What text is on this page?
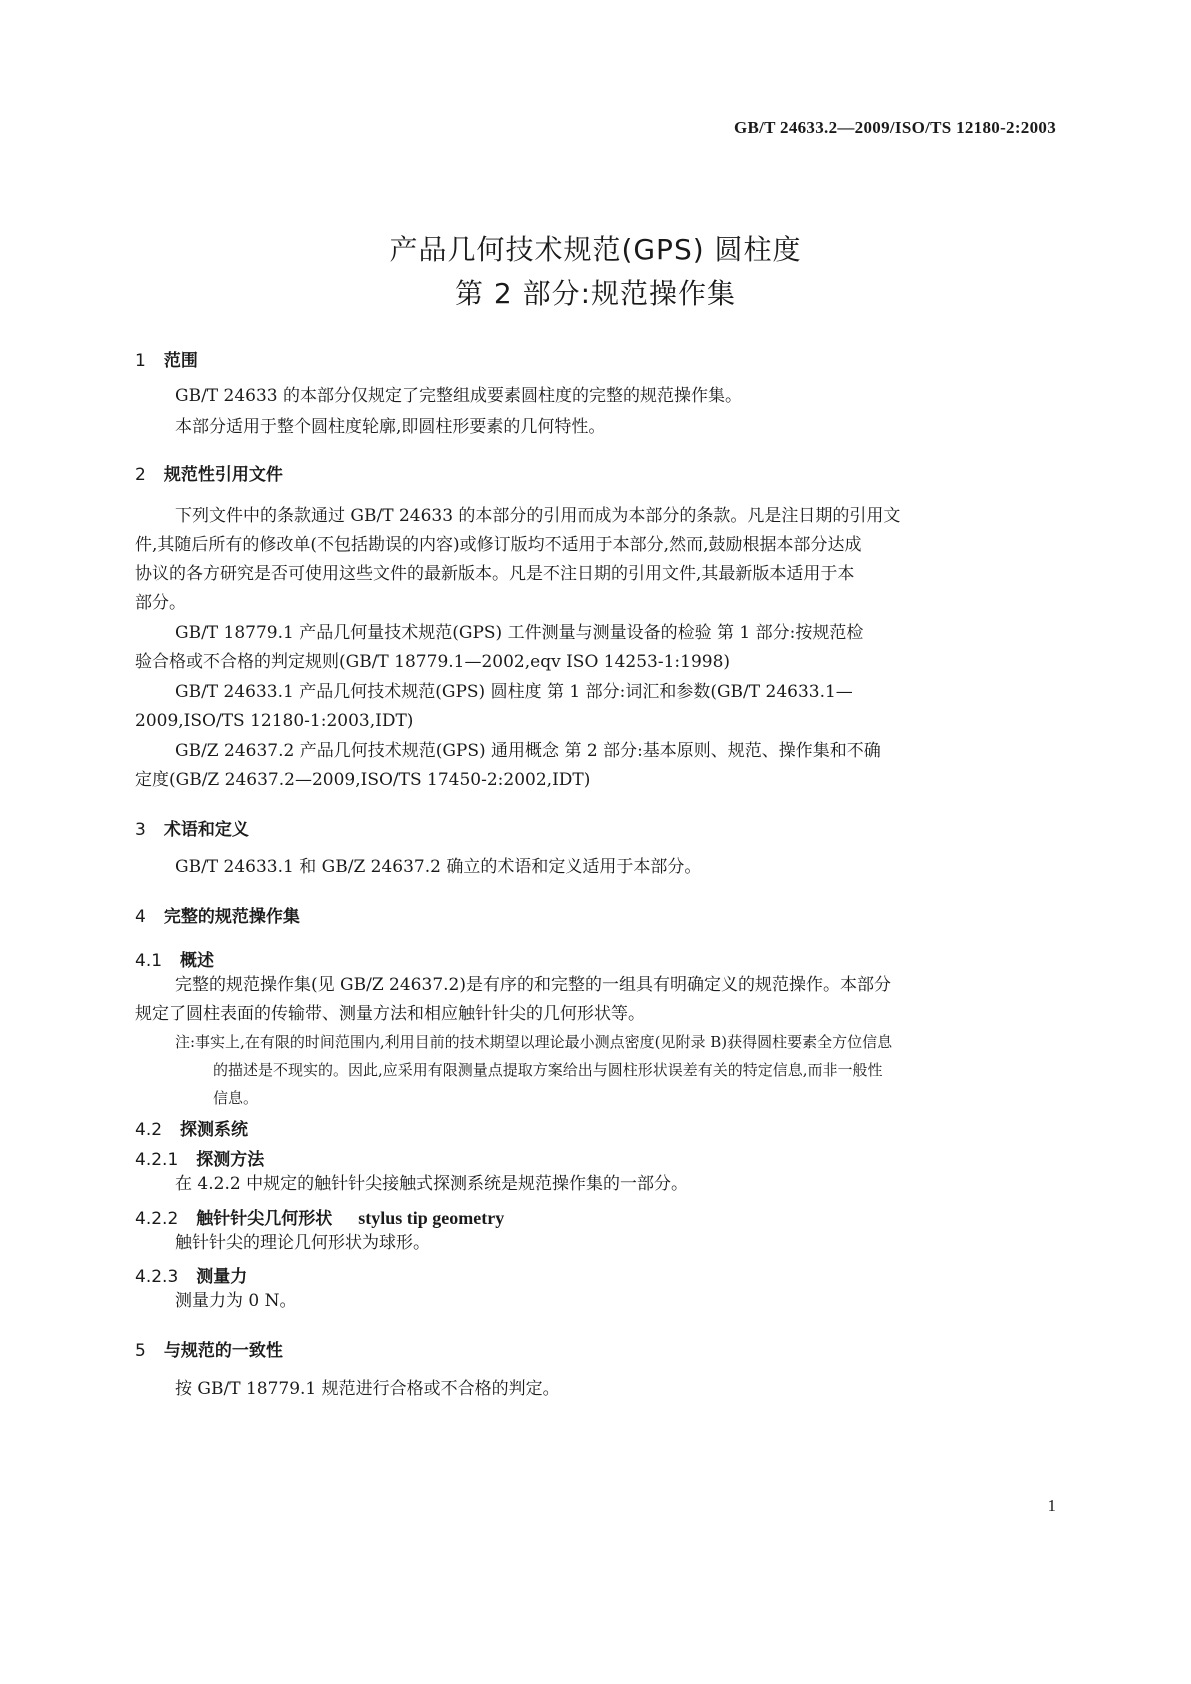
GB/T 24633.2—2009/ISO/TS 12180-2:2003
产品几何技术规范(GPS) 圆柱度
第 2 部分:规范操作集
1 范围
GB/T 24633 的本部分仅规定了完整组成要素圆柱度的完整的规范操作集。
本部分适用于整个圆柱度轮廓,即圆柱形要素的几何特性。
2 规范性引用文件
下列文件中的条款通过 GB/T 24633 的本部分的引用而成为本部分的条款。凡是注日期的引用文
件,其随后所有的修改单(不包括勘误的内容)或修订版均不适用于本部分,然而,鼓励根据本部分达成
协议的各方研究是否可使用这些文件的最新版本。凡是不注日期的引用文件,其最新版本适用于本
部分。
GB/T 18779.1 产品几何量技术规范(GPS) 工件测量与测量设备的检验 第 1 部分:按规范检
验合格或不合格的判定规则(GB/T 18779.1—2002,eqv ISO 14253-1:1998)
GB/T 24633.1 产品几何技术规范(GPS) 圆柱度 第 1 部分:词汇和参数(GB/T 24633.1—
2009,ISO/TS 12180-1:2003,IDT)
GB/Z 24637.2 产品几何技术规范(GPS) 通用概念 第 2 部分:基本原则、规范、操作集和不确
定度(GB/Z 24637.2—2009,ISO/TS 17450-2:2002,IDT)
3 术语和定义
GB/T 24633.1 和 GB/Z 24637.2 确立的术语和定义适用于本部分。
4 完整的规范操作集
4.1 概述
完整的规范操作集(见 GB/Z 24637.2)是有序的和完整的一组具有明确定义的规范操作。本部分
规定了圆柱表面的传输带、测量方法和相应触针针尖的几何形状等。
注:事实上,在有限的时间范围内,利用目前的技术期望以理论最小测点密度(见附录 B)获得圆柱要素全方位信息
的描述是不现实的。因此,应采用有限测量点提取方案给出与圆柱形状误差有关的特定信息,而非一般性
信息。
4.2 探测系统
4.2.1 探测方法
在 4.2.2 中规定的触针针尖接触式探测系统是规范操作集的一部分。
4.2.2 触针针尖几何形状 stylus tip geometry
触针针尖的理论几何形状为球形。
4.2.3 测量力
测量力为 0 N。
5 与规范的一致性
按 GB/T 18779.1 规范进行合格或不合格的判定。
1
